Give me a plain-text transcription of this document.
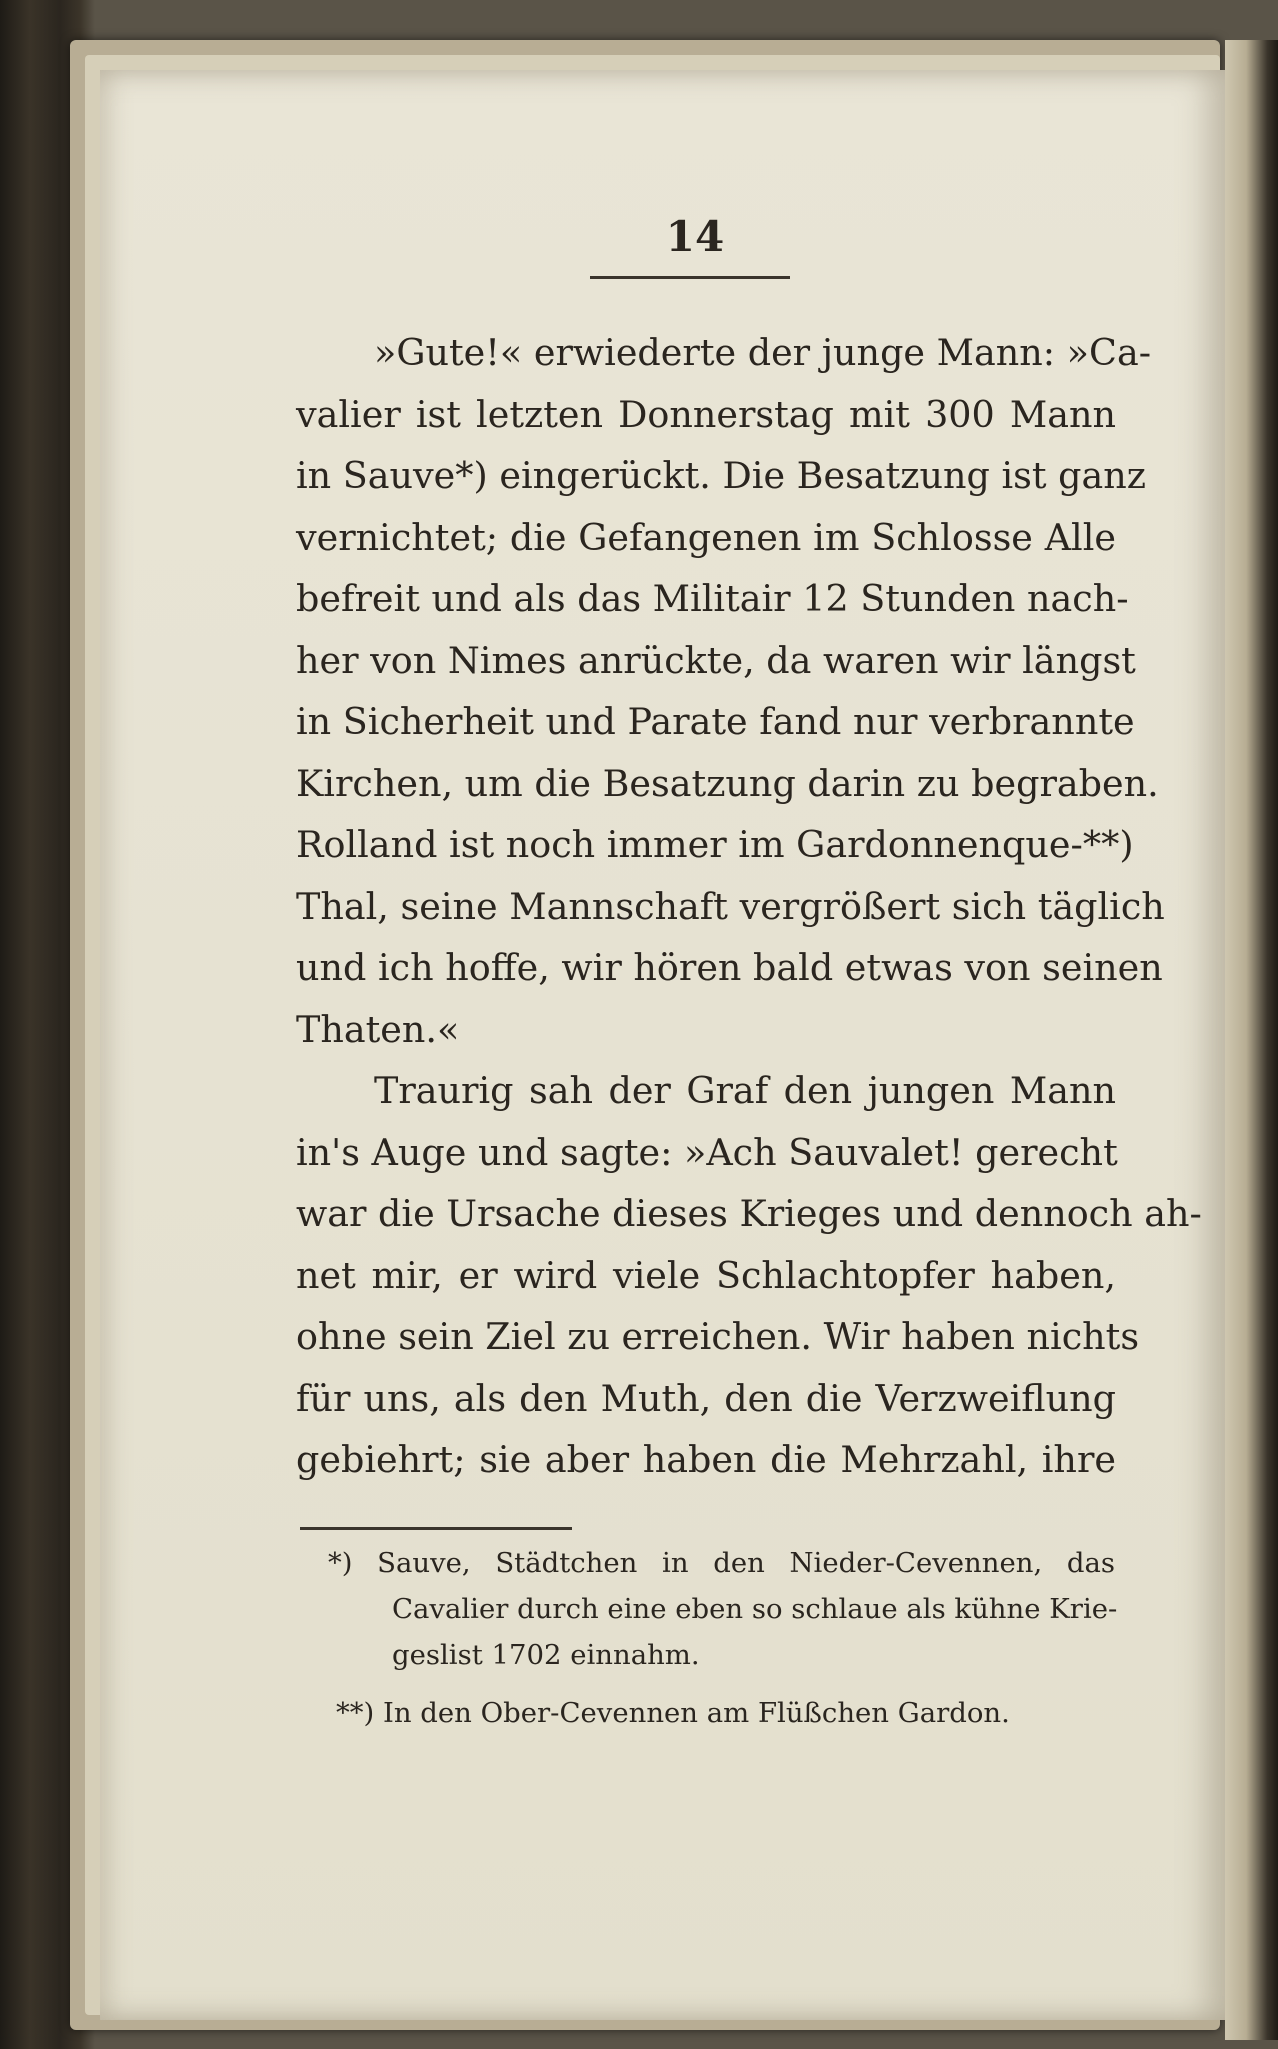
14
»Gute!« erwiederte der junge Mann: »Ca-
valier ist letzten Donnerstag mit 300 Mann
in Sauve*) eingerückt. Die Besatzung ist ganz
vernichtet; die Gefangenen im Schlosse Alle
befreit und als das Militair 12 Stunden nach-
her von Nimes anrückte, da waren wir längst
in Sicherheit und Parate fand nur verbrannte
Kirchen, um die Besatzung darin zu begraben.
Rolland ist noch immer im Gardonnenque-**)
Thal, seine Mannschaft vergrößert sich täglich
und ich hoffe, wir hören bald etwas von seinen
Thaten.«
Traurig sah der Graf den jungen Mann
in's Auge und sagte: »Ach Sauvalet! gerecht
war die Ursache dieses Krieges und dennoch ah-
net mir, er wird viele Schlachtopfer haben,
ohne sein Ziel zu erreichen. Wir haben nichts
für uns, als den Muth, den die Verzweiflung
gebiehrt; sie aber haben die Mehrzahl, ihre
*) Sauve, Städtchen in den Nieder-Cevennen, das
Cavalier durch eine eben so schlaue als kühne Krie-
geslist 1702 einnahm.
**) In den Ober-Cevennen am Flüßchen Gardon.
